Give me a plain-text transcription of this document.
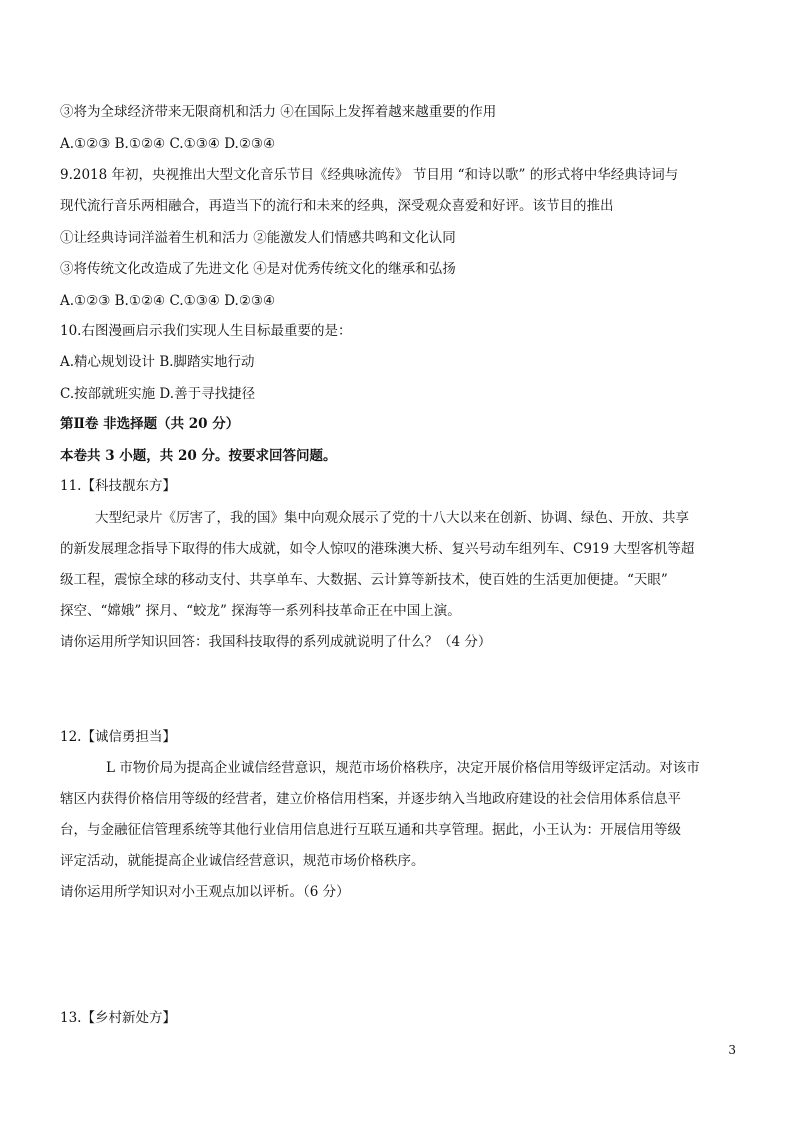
③将为全球经济带来无限商机和活力 ④在国际上发挥着越来越重要的作用
A.①②③ B.①②④ C.①③④ D.②③④
9.2018 年初，央视推出大型文化音乐节目《经典咏流传》 节目用 “和诗以歌” 的形式将中华经典诗词与
现代流行音乐两相融合，再造当下的流行和未来的经典，深受观众喜爱和好评。该节目的推出
①让经典诗词洋溢着生机和活力 ②能激发人们情感共鸣和文化认同
③将传统文化改造成了先进文化 ④是对优秀传统文化的继承和弘扬
A.①②③ B.①②④ C.①③④ D.②③④
10.右图漫画启示我们实现人生目标最重要的是：
A.精心规划设计 B.脚踏实地行动
C.按部就班实施 D.善于寻找捷径
第Ⅱ卷 非选择题（共 20 分）
本卷共 3 小题，共 20 分。按要求回答问题。
11.【科技靓东方】
大型纪录片《厉害了，我的国》集中向观众展示了党的十八大以来在创新、协调、绿色、开放、共享
的新发展理念指导下取得的伟大成就，如令人惊叹的港珠澳大桥、复兴号动车组列车、C919 大型客机等超
级工程，震惊全球的移动支付、共享单车、大数据、云计算等新技术，使百姓的生活更加便捷。“天眼”
探空、“嫦娥” 探月、“蛟龙” 探海等一系列科技革命正在中国上演。
请你运用所学知识回答：我国科技取得的系列成就说明了什么？（4 分）
12.【诚信勇担当】
L 市物价局为提高企业诚信经营意识，规范市场价格秩序，决定开展价格信用等级评定活动。对该市
辖区内获得价格信用等级的经营者，建立价格信用档案，并逐步纳入当地政府建设的社会信用体系信息平
台，与金融征信管理系统等其他行业信用信息进行互联互通和共享管理。据此，小王认为：开展信用等级
评定活动，就能提高企业诚信经营意识，规范市场价格秩序。
请你运用所学知识对小王观点加以评析。（6 分）
13.【乡村新处方】
3
